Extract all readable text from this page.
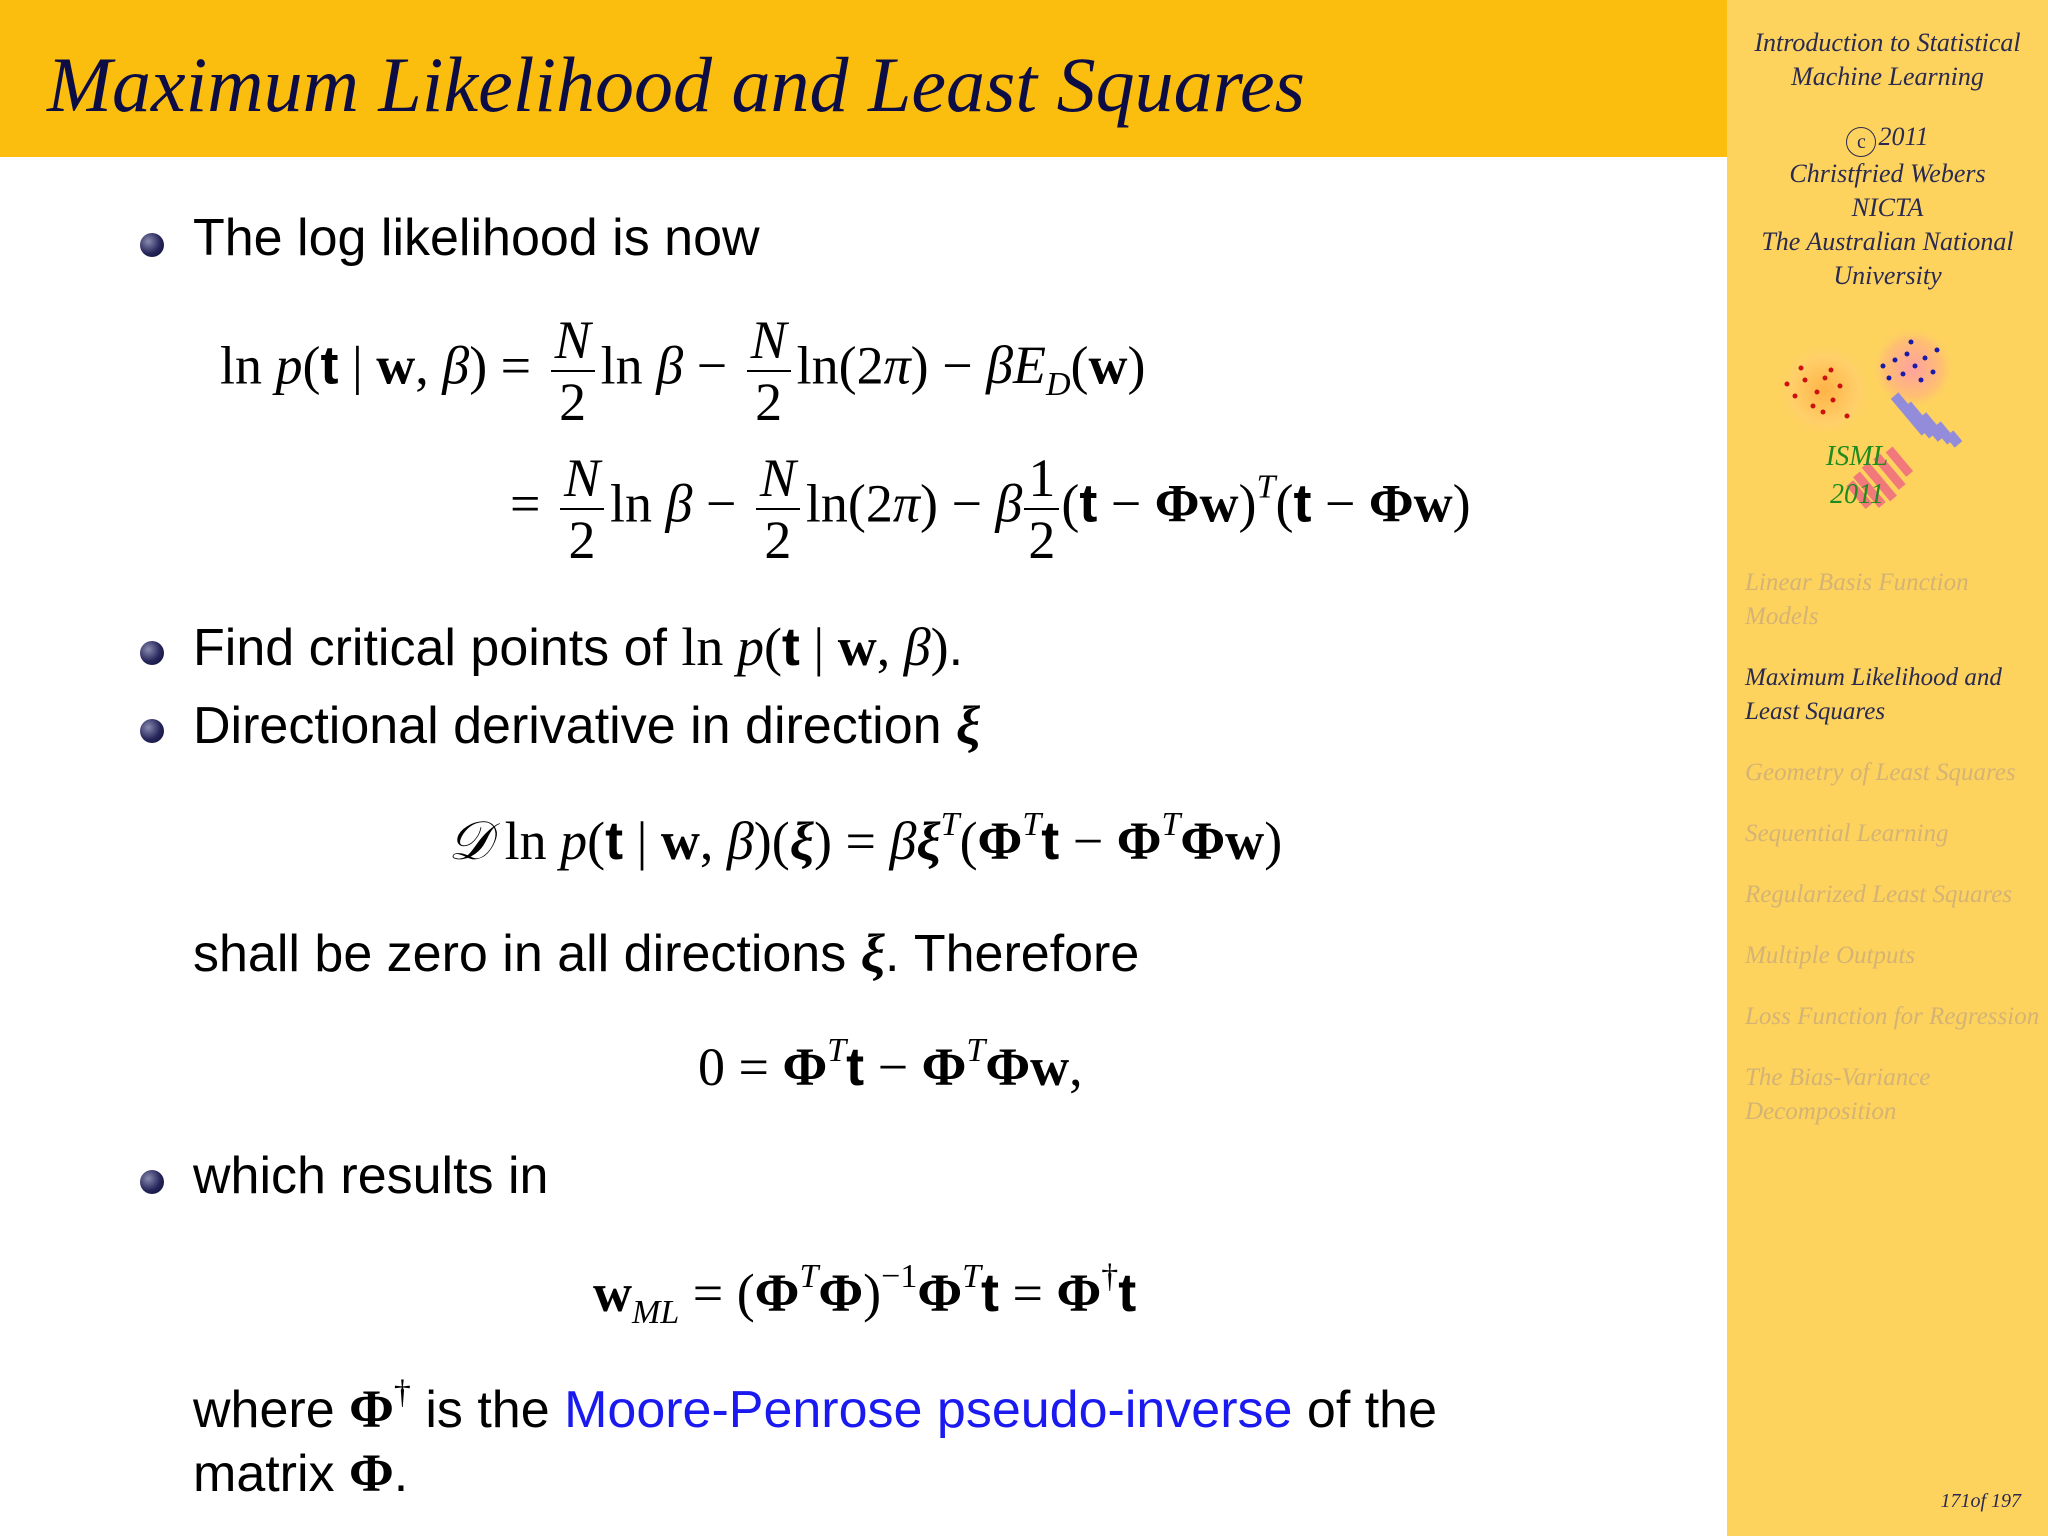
Maximum Likelihood and Least Squares	Introduction to Statistical Machine Learning
c 2011
Christfried Webers
NICTA
The Australian National University
ISML
2011
Linear Basis Function Models
Maximum Likelihood and Least Squares
Geometry of Least Squares
Sequential Learning
Regularized Least Squares
Multiple Outputs
Loss Function for Regression
The Bias-Variance Decomposition
171of 197
The log likelihood is now
ln p(t | w, $\beta) = \frac{N}{2}$ $\ln \beta - \frac{N}{2} \ln(2\pi) - \beta E_D(w)$
= $\frac{N}{2}$ $\ln \beta - \frac{N}{2} \ln(2\pi) - \beta \frac{1}{2} (t - \Phi w)^T(t - \Phi w)$
Find critical points of ln p(t | w, β).
Directional derivative in direction ξ
𝒟 ln p(t | w, $\beta)(\xi) = \beta\xi^T(\Phi^Tt - \Phi^T\Phi w)$
shall be zero in all directions ξ. Therefore
$0 = \Phi^Tt - \Phi^T\Phi w$,
which results in
$w_{ML} = (\Phi^T\Phi)^{-1}\Phi^Tt = \Phi^\dagger t$
where Φ† is the Moore-Penrose pseudo-inverse of the
matrix Φ.
